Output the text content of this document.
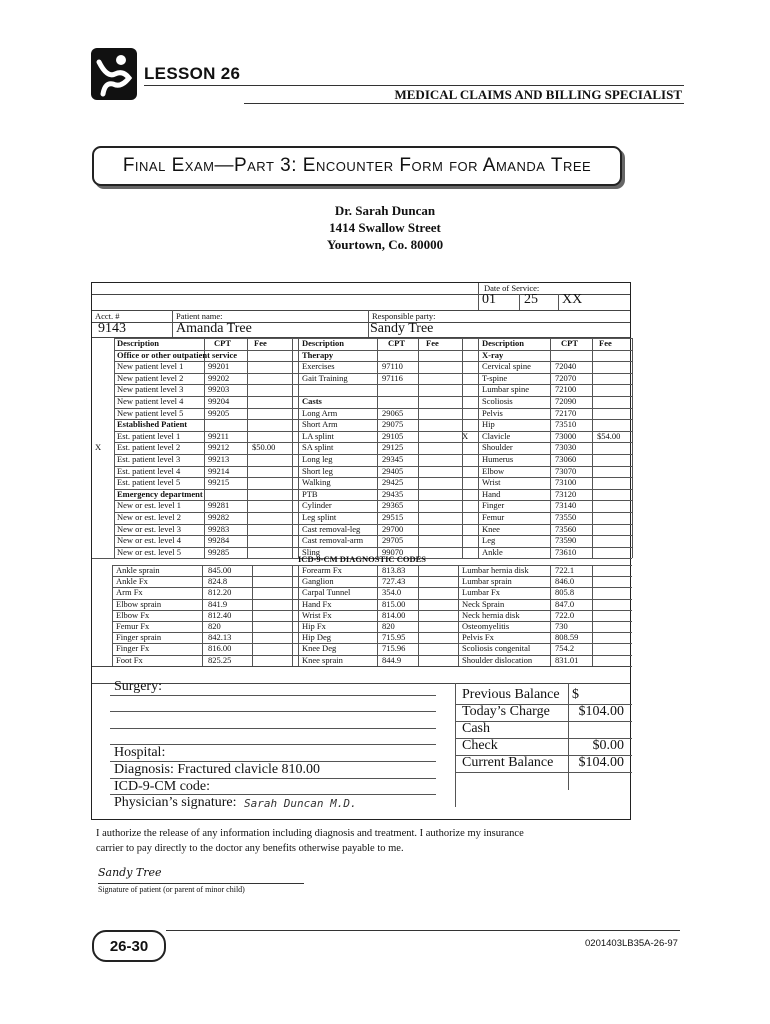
LESSON 26
MEDICAL CLAIMS AND BILLING SPECIALIST
Final Exam—Part 3: Encounter Form for Amanda Tree
Dr. Sarah Duncan
1414 Swallow Street
Yourtown, Co. 80000
Date of Service:
01 25 XX
Acct. #	Patient name:	Responsible party:
9143	Amanda Tree	Sandy Tree
Description	CPT	Fee
Office or other outpatient service
New patient level 1	99201
New patient level 2	99202
New patient level 3	99203
New patient level 4	99204
New patient level 5	99205
Established Patient
Est. patient level 1	99211
X Est. patient level 2	99212	$50.00
Est. patient level 3	99213
Est. patient level 4	99214
Est. patient level 5	99215
Emergency department
New or est. level 1	99281
New or est. level 2	99282
New or est. level 3	99283
New or est. level 4	99284
New or est. level 5	99285
Description	CPT Fee
Therapy
Exercises	97110
Gait Training	97116
Casts
Long Arm	29065
Short Arm	29075
LA splint	29105
SA splint	29125
Long leg	29345
Short leg	29405
Walking	29425
PTB	29435
Cylinder	29365
Leg splint	29515
Cast removal-leg	29700
Cast removal-arm 29705
Sling	99070
Description	CPT Fee
X-ray
Cervical spine	72040
T-spine	72070
Lumbar spine	72100
Scoliosis	72090
Pelvis	72170
Hip	73510
X Clavicle	73000 $54.00
Shoulder	73030
Humerus	73060
Elbow	73070
Wrist	73100
Hand	73120
Finger	73140
Femur	73550
Knee	73560
Leg	73590
Ankle	73610
ICD-9-CM DIAGNOSTIC CODES
Ankle sprain	845.00
Ankle Fx	824.8
Arm Fx	812.20
Elbow sprain	841.9
Elbow Fx	812.40
Femur Fx	820
Finger sprain	842.13
Finger Fx	816.00
Foot Fx	825.25
Forearm Fx	813.83
Ganglion	727.43
Carpal Tunnel	354.0
Hand Fx	815.00
Wrist Fx	814.00
Hip Fx	820
Hip Deg	715.95
Knee Deg	715.96
Knee sprain	844.9
Lumbar hernia disk	722.1
Lumbar sprain	846.0
Lumbar Fx	805.8
Neck Sprain	847.0
Neck hernia disk	722.0
Osteomyelitis	730
Pelvis Fx	808.59
Scoliosis congenital	754.2
Shoulder dislocation	831.01
Surgery:
Hospital:
Diagnosis: Fractured clavicle 810.00
ICD-9-CM code:
Physician’s signature: Sarah Duncan M.D.
Previous Balance $
Today’s Charge	$104.00
Cash
Check	$0.00
Current Balance	$104.00
I authorize the release of any information including diagnosis and treatment. I authorize my insurance
carrier to pay directly to the doctor any benefits otherwise payable to me.
Sandy Tree
Signature of patient (or parent of minor child)
26-30	0201403LB35A-26-97
